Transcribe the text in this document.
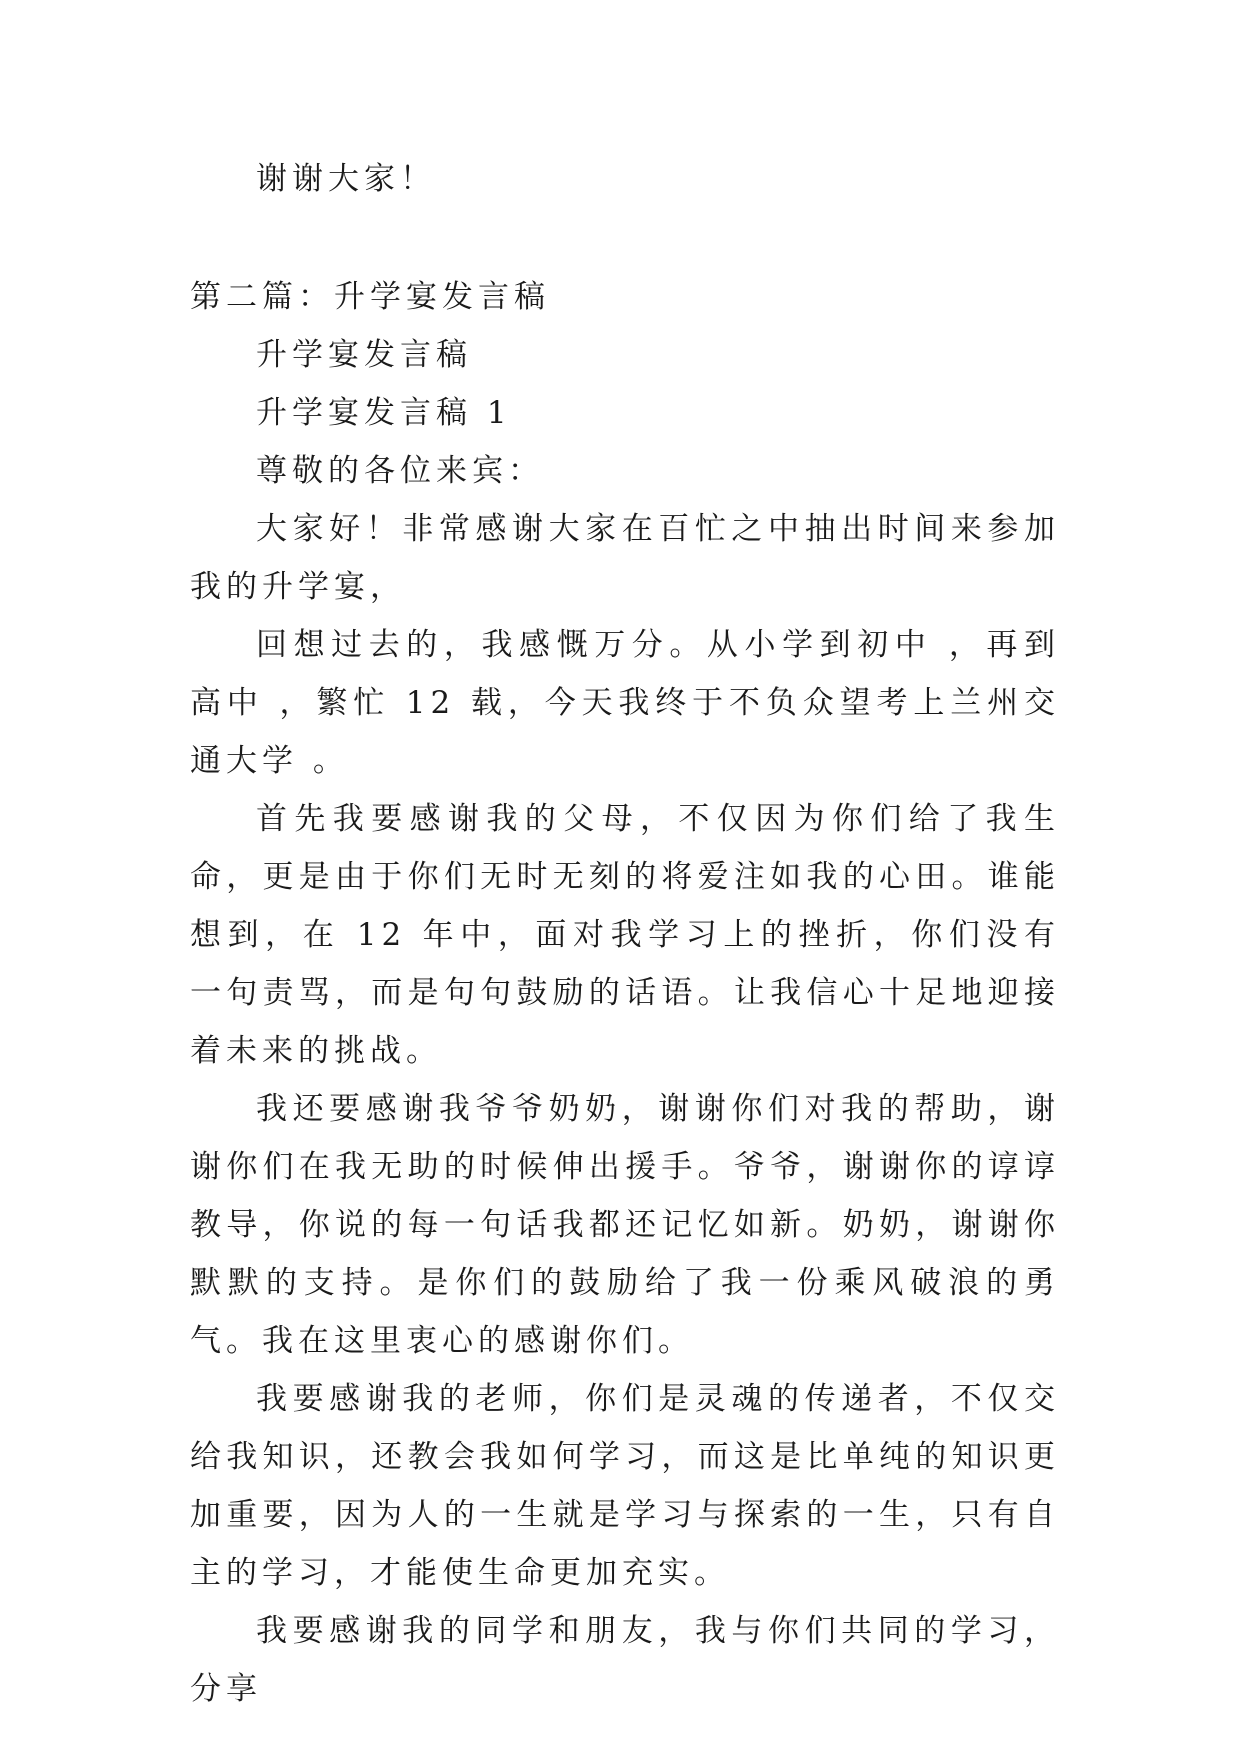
谢谢大家！

第二篇：升学宴发言稿

升学宴发言稿

升学宴发言稿 1

尊敬的各位来宾：

大家好！非常感谢大家在百忙之中抽出时间来参加我的升学宴，

回想过去的，我感慨万分。从小学到初中 ，再到高中 ，繁忙 12 载，今天我终于不负众望考上兰州交通大学 。

首先我要感谢我的父母，不仅因为你们给了我生命，更是由于你们无时无刻的将爱注如我的心田。谁能想到，在 12 年中，面对我学习上的挫折，你们没有一句责骂，而是句句鼓励的话语。让我信心十足地迎接着未来的挑战。

我还要感谢我爷爷奶奶，谢谢你们对我的帮助，谢谢你们在我无助的时候伸出援手。爷爷，谢谢你的谆谆教导，你说的每一句话我都还记忆如新。奶奶，谢谢你默默的支持。是你们的鼓励给了我一份乘风破浪的勇气。我在这里衷心的感谢你们。

我要感谢我的老师，你们是灵魂的传递者，不仅交给我知识，还教会我如何学习，而这是比单纯的知识更加重要，因为人的一生就是学习与探索的一生，只有自主的学习，才能使生命更加充实。

我要感谢我的同学和朋友，我与你们共同的学习，分享
